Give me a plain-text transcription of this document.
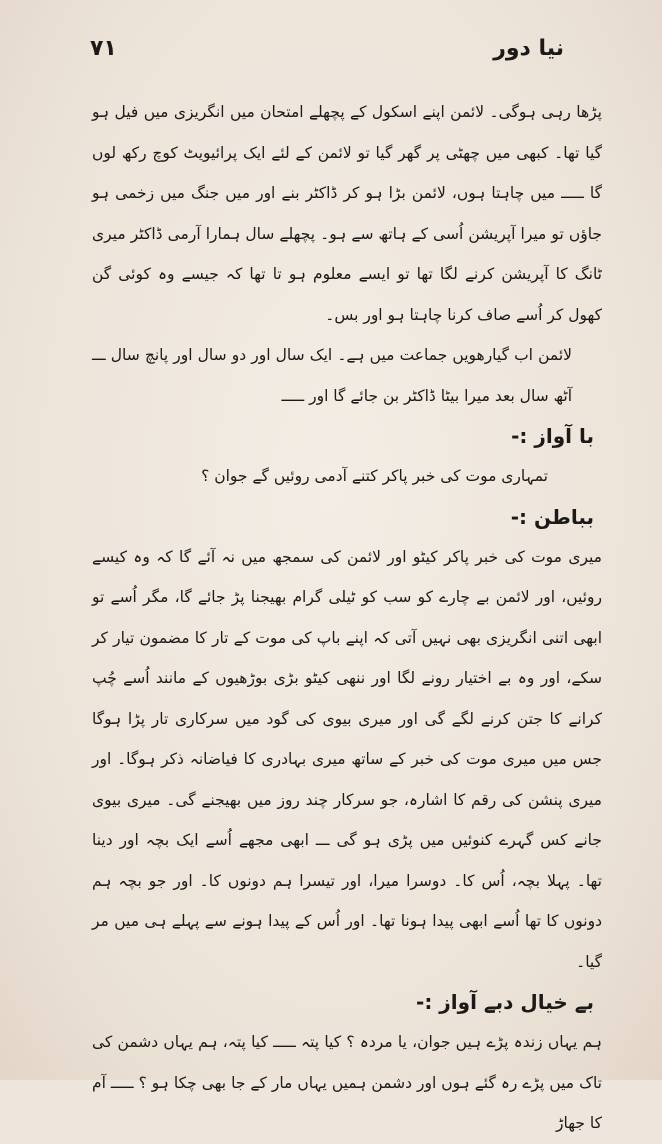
۷۱	نیا دور

پڑھا رہی ہوگی۔ لائمن اپنے اسکول کے پچھلے امتحان میں انگریزی میں فیل ہو گیا تھا۔ کبھی میں چھٹی پر گھر گیا تو لائمن کے لئے ایک پرائیویٹ کوچ رکھ لوں گا ـــــ میں چاہتا ہوں، لائمن بڑا ہو کر ڈاکٹر بنے اور میں جنگ میں زخمی ہو جاؤں تو میرا آپریشن اُسی کے ہاتھ سے ہو۔ پچھلے سال ہمارا آرمی ڈاکٹر میری ٹانگ کا آپریشن کرنے لگا تھا تو ایسے معلوم ہو تا تھا کہ جیسے وہ کوئی گن کھول کر اُسے صاف کرنا چاہتا ہو اور بس۔

لائمن اب گیارھویں جماعت میں ہے۔ ایک سال اور دو سال اور پانچ سال ـــ آٹھ سال بعد میرا بیٹا ڈاکٹر بن جائے گا اور ـــــ

با آواز :-

تمہاری موت کی خبر پاکر کتنے آدمی روئیں گے جوان ؟

بباطن :-

میری موت کی خبر پاکر کیٹو اور لائمن کی سمجھ میں نہ آئے گا کہ وہ کیسے روئیں، اور لائمن بے چارے کو سب کو ٹیلی گرام بھیجنا پڑ جائے گا، مگر اُسے تو ابھی اتنی انگریزی بھی نہیں آتی کہ اپنے باپ کی موت کے تار کا مضمون تیار کر سکے، اور وہ بے اختیار رونے لگا اور ننھی کیٹو بڑی بوڑھیوں کے مانند اُسے چُپ کرانے کا جتن کرنے لگے گی اور میری بیوی کی گود میں سرکاری تار پڑا ہوگا جس میں میری موت کی خبر کے ساتھ میری بہادری کا فیاضانہ ذکر ہوگا۔ اور میری پنشن کی رقم کا اشارہ، جو سرکار چند روز میں بھیجنے گی۔ میری بیوی جانے کس گہرے کنوئیں میں پڑی ہو گی ـــ ابھی مجھے اُسے ایک بچہ اور دینا تھا۔ پہلا بچہ، اُس کا۔ دوسرا میرا، اور تیسرا ہم دونوں کا۔ اور جو بچہ ہم دونوں کا تھا اُسے ابھی پیدا ہونا تھا۔ اور اُس کے پیدا ہونے سے پہلے ہی میں مر گیا۔

بے خیال دبے آواز :-

ہم یہاں زندہ پڑے ہیں جوان، یا مردہ ؟ کیا پتہ ـــــ کیا پتہ، ہم یہاں دشمن کی تاک میں پڑے رہ گئے ہوں اور دشمن ہمیں یہاں مار کے جا بھی چکا ہو ؟ ـــــ آم کا جھاڑ
